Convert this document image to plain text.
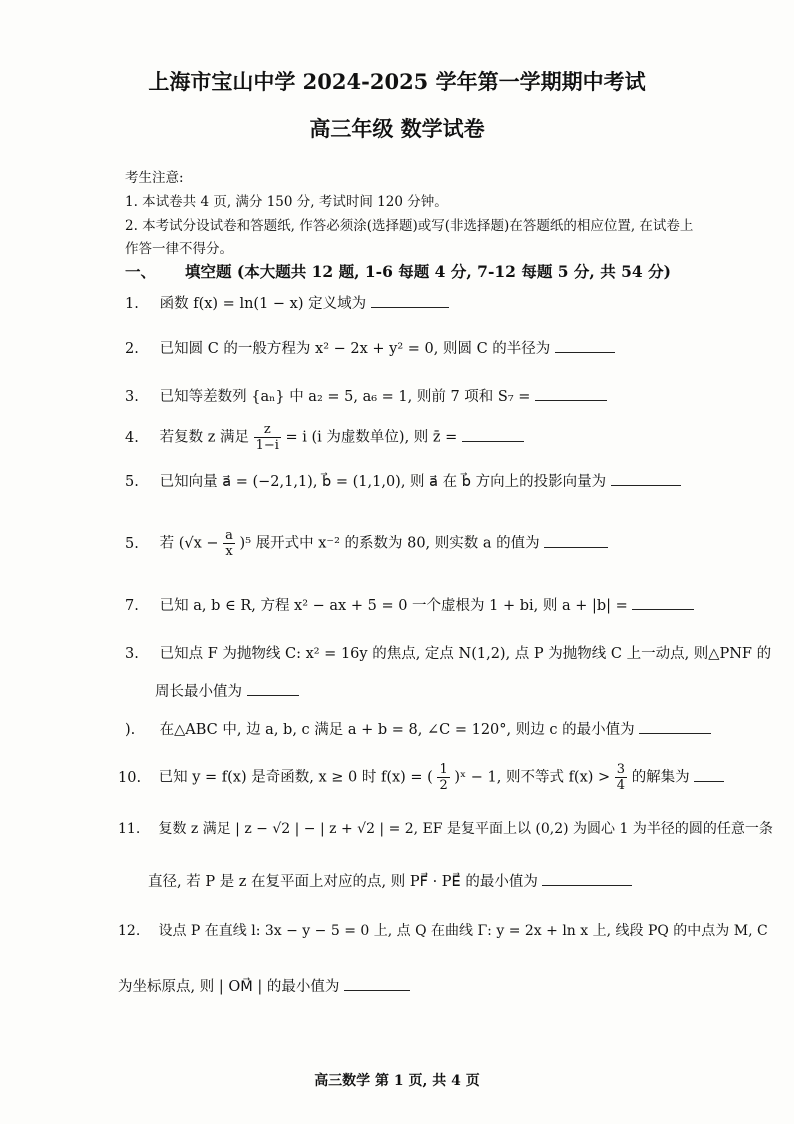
上海市宝山中学 2024-2025 学年第一学期期中考试
高三年级 数学试卷
考生注意:
1. 本试卷共 4 页, 满分 150 分, 考试时间 120 分钟。
2. 本考试分设试卷和答题纸, 作答必须涂(选择题)或写(非选择题)在答题纸的相应位置, 在试卷上
作答一律不得分。
一、 填空题 (本大题共 12 题, 1-6 每题 4 分, 7-12 每题 5 分, 共 54 分)
1. 函数 f(x) = ln(1 − x) 定义域为
2. 已知圆 C 的一般方程为 x² − 2x + y² = 0, 则圆 C 的半径为
3. 已知等差数列 {aₙ} 中 a₂ = 5, a₆ = 1, 则前 7 项和 S₇ =
4. 若复数 z 满足 $\frac{z}{1-i} = i$ (i 为虚数单位), 则 z̄ =
5. 已知向量 a⃗ = (−2,1,1), b⃗ = (1,1,0), 则 a⃗ 在 b⃗ 方向上的投影向量为
5. 若 $(√x - \frac{a}{x} )^5$ 展开式中 x⁻² 的系数为 80, 则实数 a 的值为
7. 已知 a, b ∈ R, 方程 x² − ax + 5 = 0 一个虚根为 1 + bi, 则 a + |b| =
3. 已知点 F 为抛物线 C: x² = 16y 的焦点, 定点 N(1,2), 点 P 为抛物线 C 上一动点, 则△PNF 的
周长最小值为
). 在△ABC 中, 边 a, b, c 满足 a + b = 8, ∠C = 120°, 则边 c 的最小值为
10. 已知 y = f(x) 是奇函数, x ≥ 0 时 f(x) = ( $\frac{1}{2}$ )ˣ − 1, 则不等式 $f(x) > \frac{3}{4}$ 的解集为
11. 复数 z 满足 | z − √2 | − | z + √2 | = 2, EF 是复平面上以 (0,2) 为圆心 1 为半径的圆的任意一条
直径, 若 P 是 z 在复平面上对应的点, 则 PF⃗ · PE⃗ 的最小值为
12. 设点 P 在直线 l: 3x − y − 5 = 0 上, 点 Q 在曲线 Γ: y = 2x + ln x 上, 线段 PQ 的中点为 M, C
为坐标原点, 则 | OM⃗ | 的最小值为
高三数学 第 1 页, 共 4 页
